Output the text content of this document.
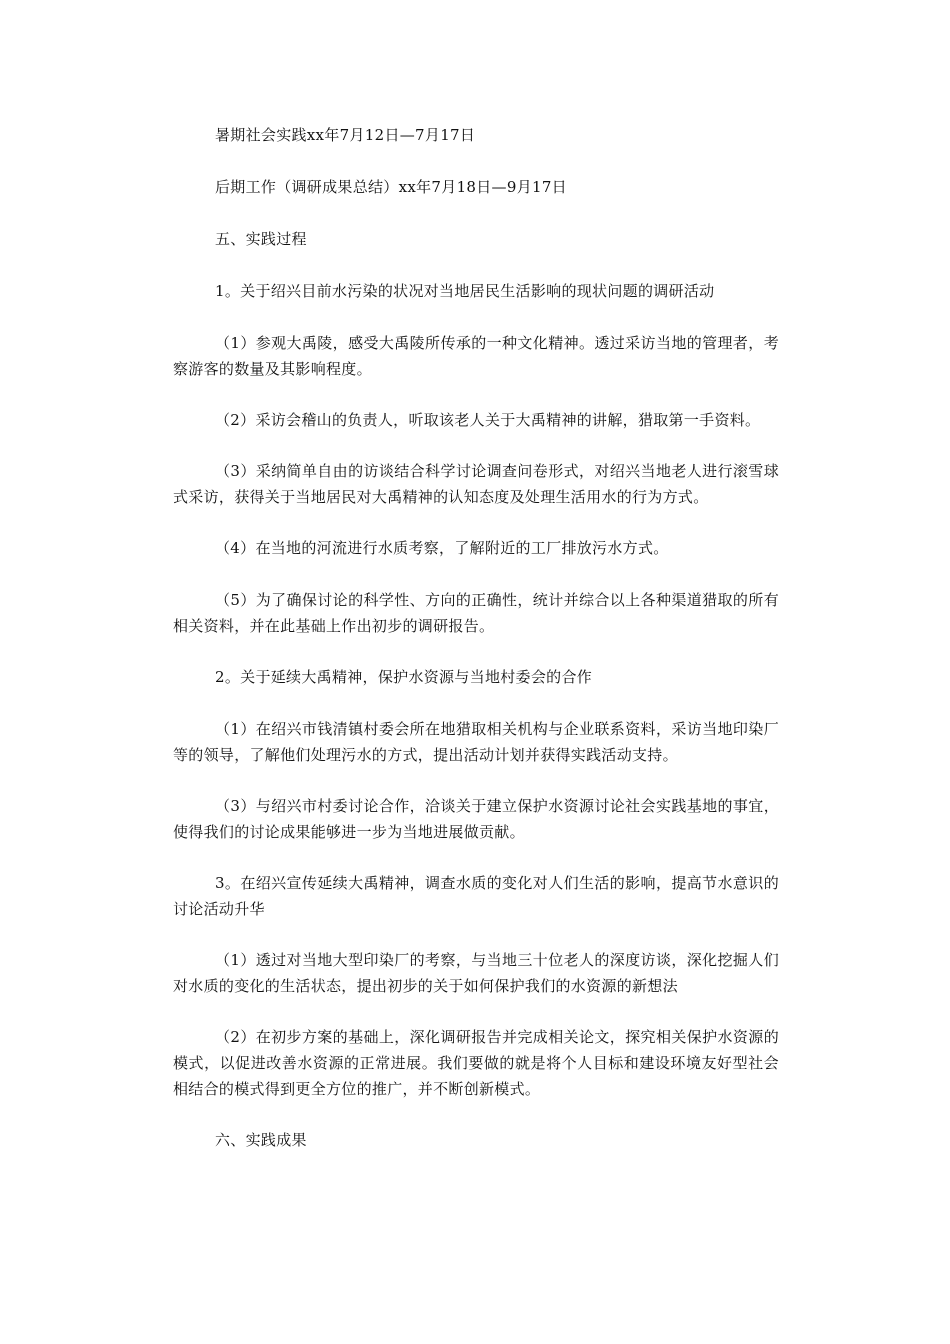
暑期社会实践xx年7月12日—7月17日

后期工作（调研成果总结）xx年7月18日—9月17日

五、实践过程

1。关于绍兴目前水污染的状况对当地居民生活影响的现状问题的调研活动

（1）参观大禹陵，感受大禹陵所传承的一种文化精神。透过采访当地的管理者，考察游客的数量及其影响程度。

（2）采访会稽山的负责人，听取该老人关于大禹精神的讲解，猎取第一手资料。

（3）采纳简单自由的访谈结合科学讨论调查问卷形式，对绍兴当地老人进行滚雪球式采访，获得关于当地居民对大禹精神的认知态度及处理生活用水的行为方式。

（4）在当地的河流进行水质考察，了解附近的工厂排放污水方式。

（5）为了确保讨论的科学性、方向的正确性，统计并综合以上各种渠道猎取的所有相关资料，并在此基础上作出初步的调研报告。

2。关于延续大禹精神，保护水资源与当地村委会的合作

（1）在绍兴市钱清镇村委会所在地猎取相关机构与企业联系资料，采访当地印染厂等的领导，了解他们处理污水的方式，提出活动计划并获得实践活动支持。

（3）与绍兴市村委讨论合作，洽谈关于建立保护水资源讨论社会实践基地的事宜，使得我们的讨论成果能够进一步为当地进展做贡献。

3。在绍兴宣传延续大禹精神，调查水质的变化对人们生活的影响，提高节水意识的讨论活动升华

（1）透过对当地大型印染厂的考察，与当地三十位老人的深度访谈，深化挖掘人们对水质的变化的生活状态，提出初步的关于如何保护我们的水资源的新想法

（2）在初步方案的基础上，深化调研报告并完成相关论文，探究相关保护水资源的模式，以促进改善水资源的正常进展。我们要做的就是将个人目标和建设环境友好型社会相结合的模式得到更全方位的推广，并不断创新模式。

六、实践成果
